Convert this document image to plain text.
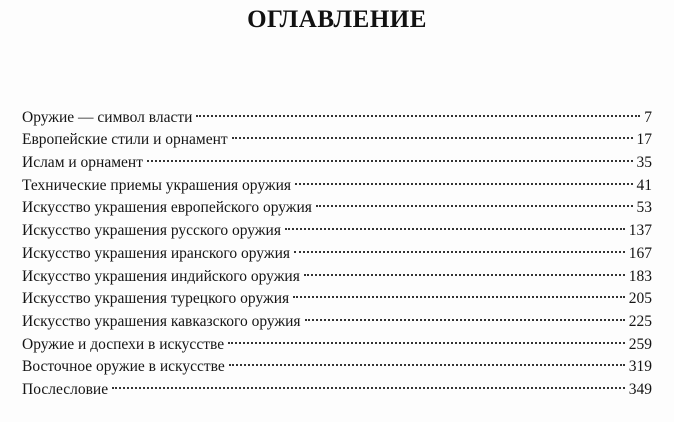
ОГЛАВЛЕНИЕ
Оружие — символ власти	7
Европейские стили и орнамент	17
Ислам и орнамент	35
Технические приемы украшения оружия	41
Искусство украшения европейского оружия	53
Искусство украшения русского оружия	137
Искусство украшения иранского оружия	167
Искусство украшения индийского оружия	183
Искусство украшения турецкого оружия	205
Искусство украшения кавказского оружия	225
Оружие и доспехи в искусстве	259
Восточное оружие в искусстве	319
Послесловие	349
